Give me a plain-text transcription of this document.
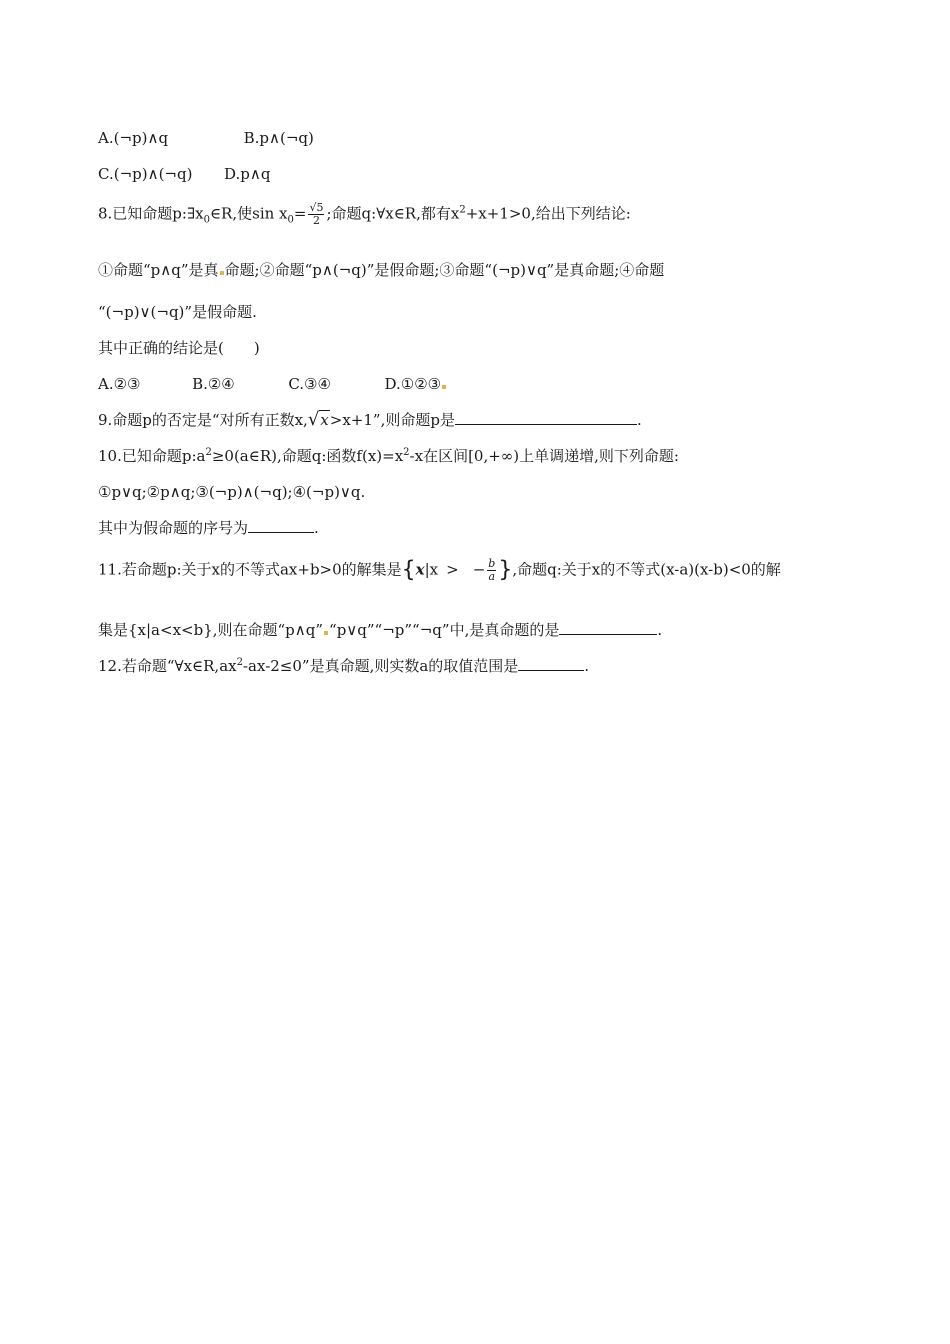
A.(¬p)∧q	B.p∧(¬q)
C.(¬p)∧(¬q) D.p∧q
8.已知命题$p:\exists x_0\in R$,使$\sin x_0= \frac{√5}{2}$ ;命题q:∀x∈R,都有$x^2+x+1>0$,给出下列结论:
①命题“p∧q”是真 命题;②命题“p∧(¬q)”是假命题;③命题“(¬p)∨q”是真命题;④命题
“(¬p)∨(¬q)”是假命题.
其中正确的结论是(　　)
A.②③	B.②④	C.③④	D.①②③
9.命题p的否定是“对所有正数x,√x>x+1”,则命题p是	.
10.已知命题$p:a^2\ge 0(a\in R)$,命题q:函数$f(x)=x^2-x$在区间[0,+∞)上单调递增,则下列命题:
①p∨q;②p∧q;③(¬p)∧(¬q);④(¬p)∨q.
其中为假命题的序号为	.
11.若命题p:关于x的不等式ax+b>0的解集是{x|x > − $\frac{b}{a}$ },命题q:关于x的不等式(x-a)(x-b)<0的解
集是{x|a<x<b},则在命题“p∧q” “p∨q”“¬p”“¬q”中,是真命题的是	.
12.若命题“$\forall x\in R,ax^2-ax-2\le 0$”是真命题,则实数a的取值范围是	.
